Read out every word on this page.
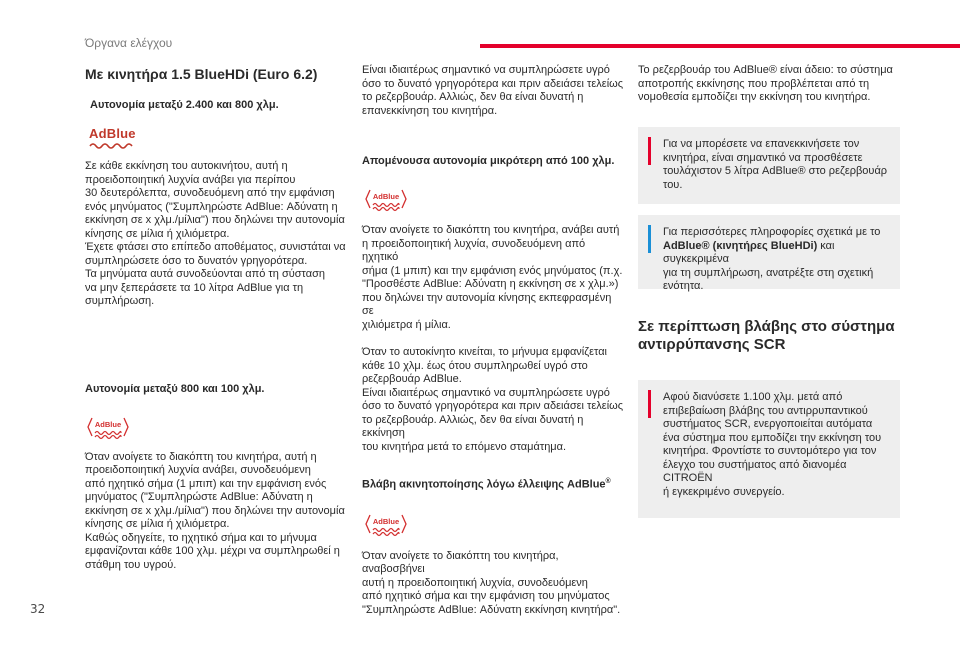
Όργανα ελέγχου
32
Με κινητήρα 1.5 BlueHDi (Euro 6.2)
Αυτονομία μεταξύ 2.400 και 800 χλμ.
AdBlue

Σε κάθε εκκίνηση του αυτοκινήτου, αυτή η

προειδοποιητική λυχνία ανάβει για περίπου

30 δευτερόλεπτα, συνοδευόμενη από την εμφάνιση

ενός μηνύματος ("Συμπληρώστε AdBlue: Αδύνατη η

εκκίνηση σε x χλμ./μίλια") που δηλώνει την αυτονομία

κίνησης σε μίλια ή χιλιόμετρα.

Έχετε φτάσει στο επίπεδο αποθέματος, συνιστάται να

συμπληρώσετε όσο το δυνατόν γρηγορότερα.

Τα μηνύματα αυτά συνοδεύονται από τη σύσταση

να μην ξεπεράσετε τα 10 λίτρα AdBlue για τη

συμπλήρωση.

Αυτονομία μεταξύ 800 και 100 χλμ.
AdBlue

Όταν ανοίγετε το διακόπτη του κινητήρα, αυτή η

προειδοποιητική λυχνία ανάβει, συνοδευόμενη

από ηχητικό σήμα (1 μπιπ) και την εμφάνιση ενός

μηνύματος ("Συμπληρώστε AdBlue: Αδύνατη η

εκκίνηση σε x χλμ./μίλια") που δηλώνει την αυτονομία

κίνησης σε μίλια ή χιλιόμετρα.

Καθώς οδηγείτε, το ηχητικό σήμα και το μήνυμα

εμφανίζονται κάθε 100 χλμ. μέχρι να συμπληρωθεί η

στάθμη του υγρού.

Είναι ιδιαιτέρως σημαντικό να συμπληρώσετε υγρό

όσο το δυνατό γρηγορότερα και πριν αδειάσει τελείως

το ρεζερβουάρ. Αλλιώς, δεν θα είναι δυνατή η

επανεκκίνηση του κινητήρα.

Απομένουσα αυτονομία μικρότερη από 100 χλμ.
AdBlue

Όταν ανοίγετε το διακόπτη του κινητήρα, ανάβει αυτή

η προειδοποιητική λυχνία, συνοδευόμενη από ηχητικό

σήμα (1 μπιπ) και την εμφάνιση ενός μηνύματος (π.χ.

"Προσθέστε AdBlue: Αδύνατη η εκκίνηση σε x χλμ.»)

που δηλώνει την αυτονομία κίνησης εκπεφρασμένη σε

χιλιόμετρα ή μίλια.

Όταν το αυτοκίνητο κινείται, το μήνυμα εμφανίζεται

κάθε 10 χλμ. έως ότου συμπληρωθεί υγρό στο

ρεζερβουάρ AdBlue.

Είναι ιδιαιτέρως σημαντικό να συμπληρώσετε υγρό

όσο το δυνατό γρηγορότερα και πριν αδειάσει τελείως

το ρεζερβουάρ. Αλλιώς, δεν θα είναι δυνατή η εκκίνηση

του κινητήρα μετά το επόμενο σταμάτημα.

Βλάβη ακινητοποίησης λόγω έλλειψης AdBlue®
AdBlue

Όταν ανοίγετε το διακόπτη του κινητήρα, αναβοσβήνει

αυτή η προειδοποιητική λυχνία, συνοδευόμενη

από ηχητικό σήμα και την εμφάνιση του μηνύματος

"Συμπληρώστε AdBlue: Αδύνατη εκκίνηση κινητήρα".

Το ρεζερβουάρ του AdBlue® είναι άδειο: το σύστημα

αποτροπής εκκίνησης που προβλέπεται από τη

νομοθεσία εμποδίζει την εκκίνηση του κινητήρα.

Για να μπορέσετε να επανεκκινήσετε τον

κινητήρα, είναι σημαντικό να προσθέσετε

τουλάχιστον 5 λίτρα AdBlue® στο ρεζερβουάρ

του.

Για περισσότερες πληροφορίες σχετικά με το

AdBlue® (κινητήρες BlueHDi) και συγκεκριμένα

για τη συμπλήρωση, ανατρέξτε στη σχετική

ενότητα.

Σε περίπτωση βλάβης στο σύστημα

αντιρρύπανσης SCR

Αφού διανύσετε 1.100 χλμ. μετά από

επιβεβαίωση βλάβης του αντιρρυπαντικού

συστήματος SCR, ενεργοποιείται αυτόματα

ένα σύστημα που εμποδίζει την εκκίνηση του

κινητήρα. Φροντίστε το συντομότερο για τον

έλεγχο του συστήματος από διανομέα CITROËN

ή εγκεκριμένο συνεργείο.
